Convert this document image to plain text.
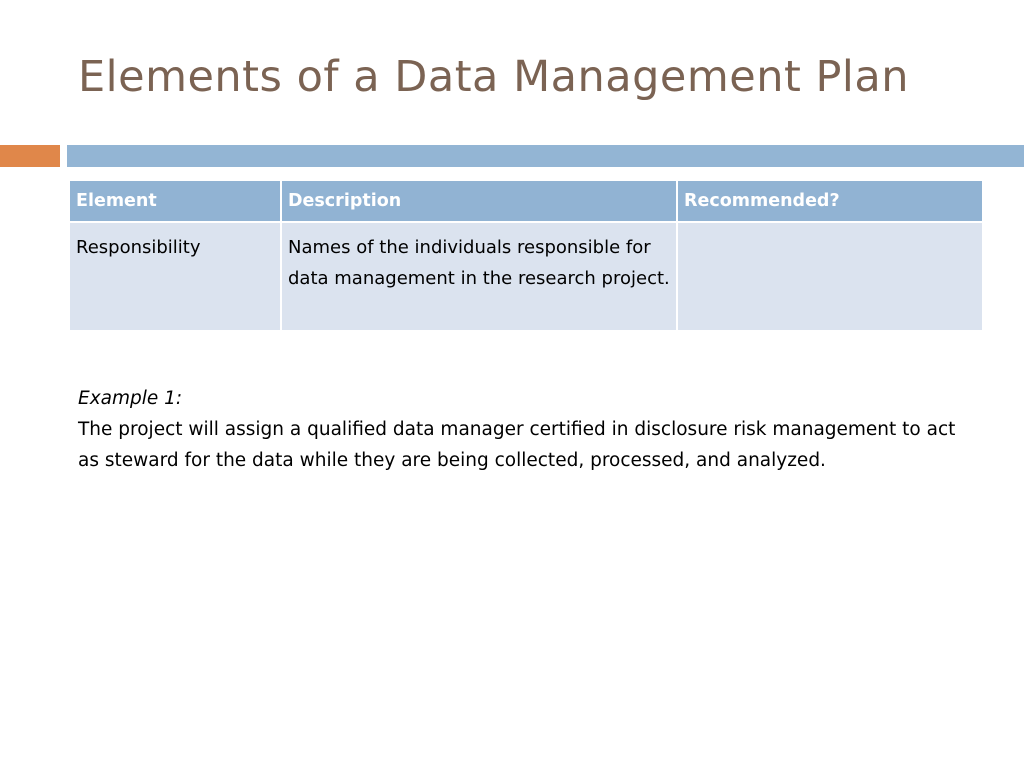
Elements of a Data Management Plan
Element	Description	Recommended?
Responsibility	Names of the individuals responsible for data management in the research project.	
Example 1:
The project will assign a qualified data manager certified in disclosure risk management to act as steward for the data while they are being collected, processed, and analyzed.
